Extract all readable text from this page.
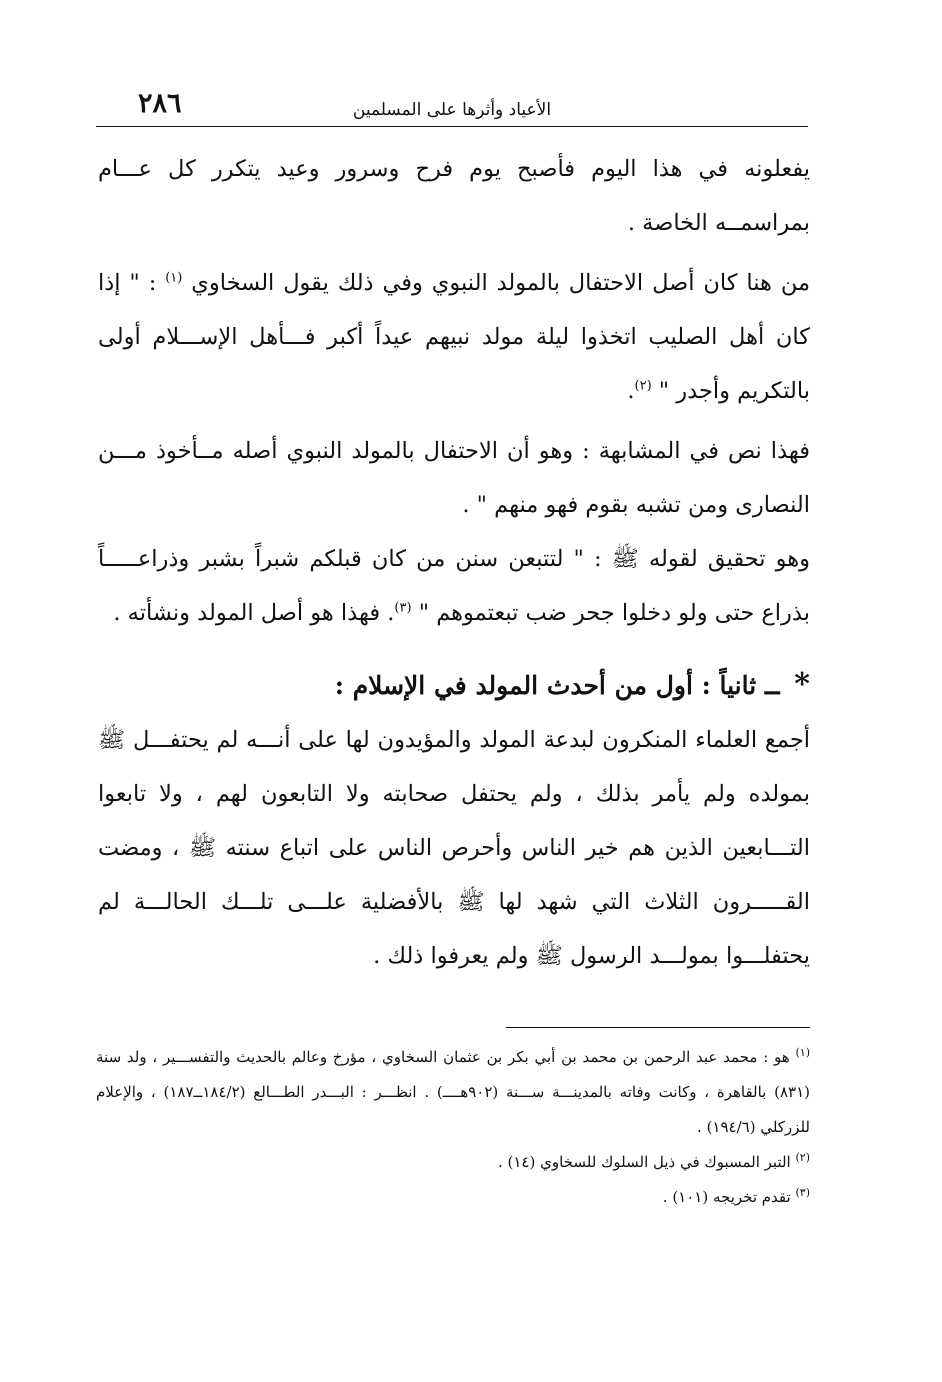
٢٨٦	الأعياد وأثرها على المسلمين

يفعلونه في هذا اليوم فأصبح يوم فرح وسرور وعيد يتكرر كل عـــام بمراسمــه الخاصة .

من هنا كان أصل الاحتفال بالمولد النبوي وفي ذلك يقول السخاوي $^{(١)}$ : " إذا كان أهل الصليب اتخذوا ليلة مولد نبيهم عيداً أكبر فـــأهل الإســـلام أولى بالتكريم وأجدر " $^{(٢)}$.

فهذا نص في المشابهة : وهو أن الاحتفال بالمولد النبوي أصله مــأخوذ مـــن النصارى ومن تشبه بقوم فهو منهم " .

وهو تحقيق لقوله ﷺ : " لتتبعن سنن من كان قبلكم شبراً بشبر وذراعـــــاً بذراع حتى ولو دخلوا جحر ضب تبعتموهم " $^{(٣)}$. فهذا هو أصل المولد ونشأته .

* ــ ثانياً : أول من أحدث المولد في الإسلام :

أجمع العلماء المنكرون لبدعة المولد والمؤيدون لها على أنـــه لم يحتفـــل ﷺ بمولده ولم يأمر بذلك ، ولم يحتفل صحابته ولا التابعون لهم ، ولا تابعوا التـــابعين الذين هم خير الناس وأحرص الناس على اتباع سنته ﷺ ، ومضت القـــــرون الثلاث التي شهد لها ﷺ بالأفضلية علـــى تلـــك الحالـــة لم يحتفلـــوا بمولـــد الرسول ﷺ ولم يعرفوا ذلك .

$^{(١)}$ هو : محمد عبد الرحمن بن محمد بن أبي بكر بن عثمان السخاوي ، مؤرخ وعالم بالحديث والتفســـير ، ولد سنة (٨٣١) بالقاهرة ، وكانت وفاته بالمدينـــة ســـنة (٩٠٢هــــ) . انظـــر : البـــدر الطـــالع (١٨٤/٢ــ١٨٧) ، والإعلام للزركلي (١٩٤/٦) .

$^{(٢)}$ التبر المسبوك في ذيل السلوك للسخاوي (١٤) .

$^{(٣)}$ تقدم تخريجه (١٠١) .
